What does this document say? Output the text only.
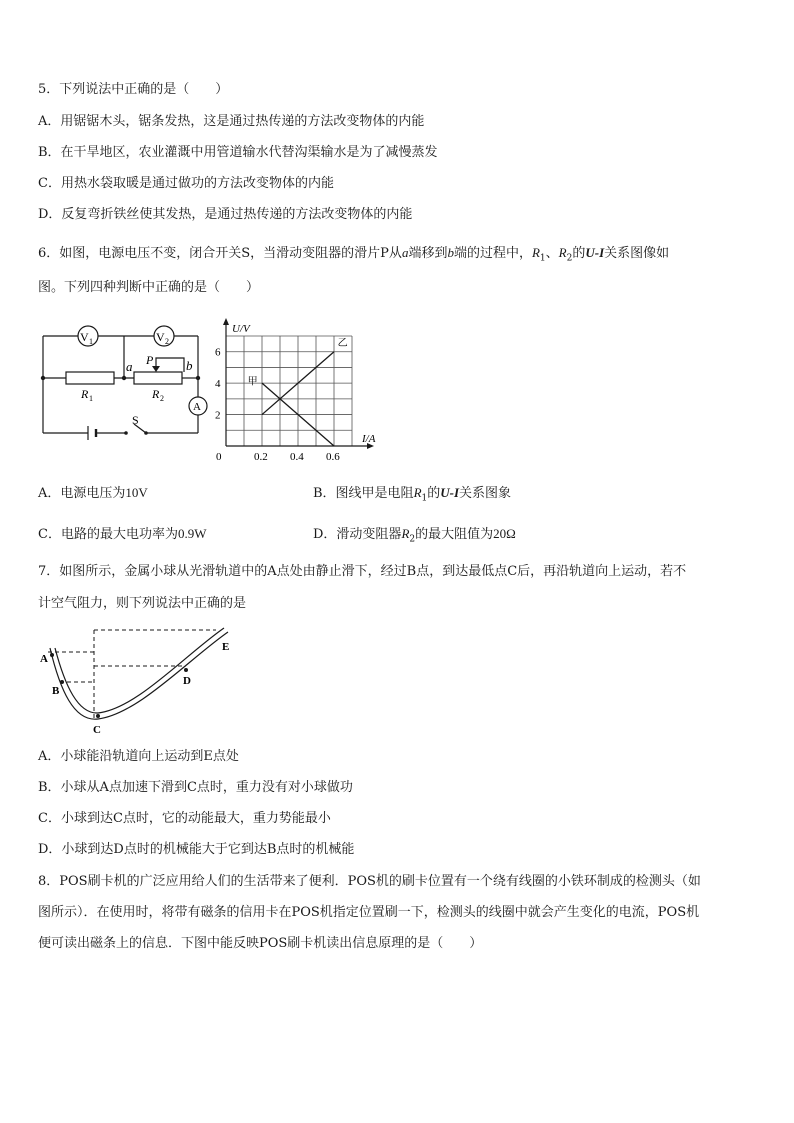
5．下列说法中正确的是（　　）
A．用锯锯木头，锯条发热，这是通过热传递的方法改变物体的内能
B．在干旱地区，农业灌溉中用管道输水代替沟渠输水是为了减慢蒸发
C．用热水袋取暖是通过做功的方法改变物体的内能
D．反复弯折铁丝使其发热，是通过热传递的方法改变物体的内能
6．如图，电源电压不变，闭合开关S，当滑动变阻器的滑片P从a端移到b端的过程中，$R_1$、$R_2$的U-I关系图像如
图。下列四种判断中正确的是（　　）
V 1	V 2
P
a	b
R 1	R 2
A
S
甲
乙
0	0.2 0.4 0.6
2
4
6
U/V
I/A
A．电源电压为10V	B．图线甲是电阻$R_1$的U-I关系图象
C．电路的最大电功率为0.9W	D．滑动变阻器$R_2$的最大阻值为20Ω
7．如图所示，金属小球从光滑轨道中的A点处由静止滑下，经过B点，到达最低点C后，再沿轨道向上运动，若不
计空气阻力，则下列说法中正确的是
A
B
C
D
E
A．小球能沿轨道向上运动到E点处
B．小球从A点加速下滑到C点时，重力没有对小球做功
C．小球到达C点时，它的动能最大，重力势能最小
D．小球到达D点时的机械能大于它到达B点时的机械能
8．POS刷卡机的广泛应用给人们的生活带来了便利．POS机的刷卡位置有一个绕有线圈的小铁环制成的检测头（如
图所示）．在使用时，将带有磁条的信用卡在POS机指定位置刷一下，检测头的线圈中就会产生变化的电流，POS机
便可读出磁条上的信息．下图中能反映POS刷卡机读出信息原理的是（　　）
